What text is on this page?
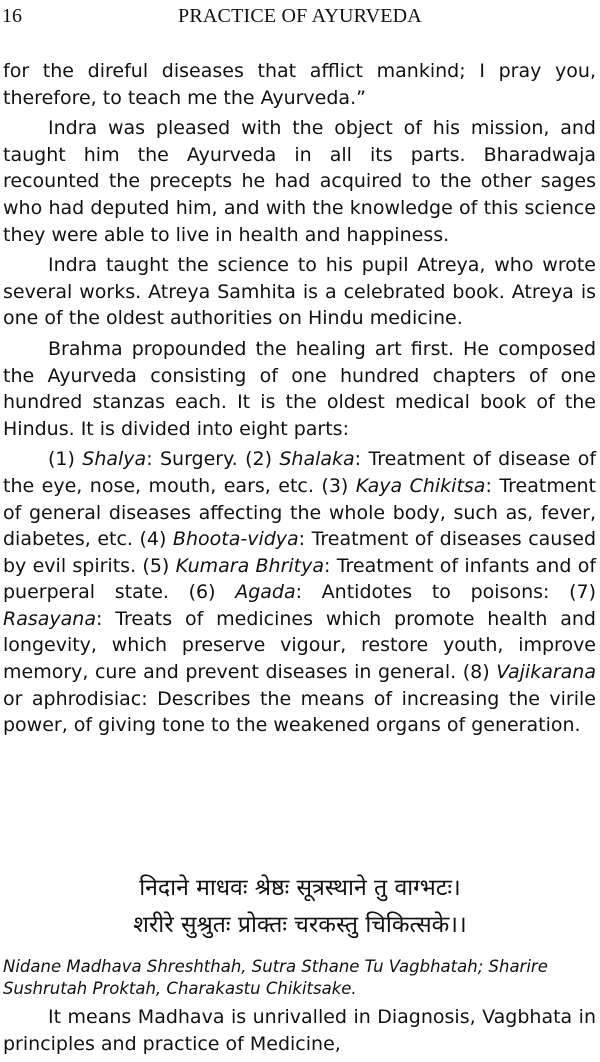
16	PRACTICE OF AYURVEDA

for the direful diseases that afflict mankind; I pray you, therefore, to teach me the Ayurveda.”

Indra was pleased with the object of his mission, and taught him the Ayurveda in all its parts. Bharadwaja recounted the precepts he had acquired to the other sages who had deputed him, and with the knowledge of this science they were able to live in health and happiness.

Indra taught the science to his pupil Atreya, who wrote several works. Atreya Samhita is a celebrated book. Atreya is one of the oldest authorities on Hindu medicine.

Brahma propounded the healing art first. He composed the Ayurveda consisting of one hundred chapters of one hundred stanzas each. It is the oldest medical book of the Hindus. It is divided into eight parts:

(1) Shalya: Surgery. (2) Shalaka: Treatment of disease of the eye, nose, mouth, ears, etc. (3) Kaya Chikitsa: Treatment of general diseases affecting the whole body, such as, fever, diabetes, etc. (4) Bhoota-vidya: Treatment of diseases caused by evil spirits. (5) Kumara Bhritya: Treatment of infants and of puerperal state. (6) Agada: Antidotes to poisons: (7) Rasayana: Treats of medicines which promote health and longevity, which preserve vigour, restore youth, improve memory, cure and prevent diseases in general. (8) Vajikarana or aphrodisiac: Describes the means of increasing the virile power, of giving tone to the weakened organs of generation.

निदाने माधवः श्रेष्ठः सूत्रस्थाने तु वाग्भटः।
शरीरे सुश्रुतः प्रोक्तः चरकस्तु चिकित्सके।।
Nidane Madhava Shreshthah, Sutra Sthane Tu Vagbhatah; Sharire Sushrutah Proktah, Charakastu Chikitsake.
It means Madhava is unrivalled in Diagnosis, Vagbhata in principles and practice of Medicine,
